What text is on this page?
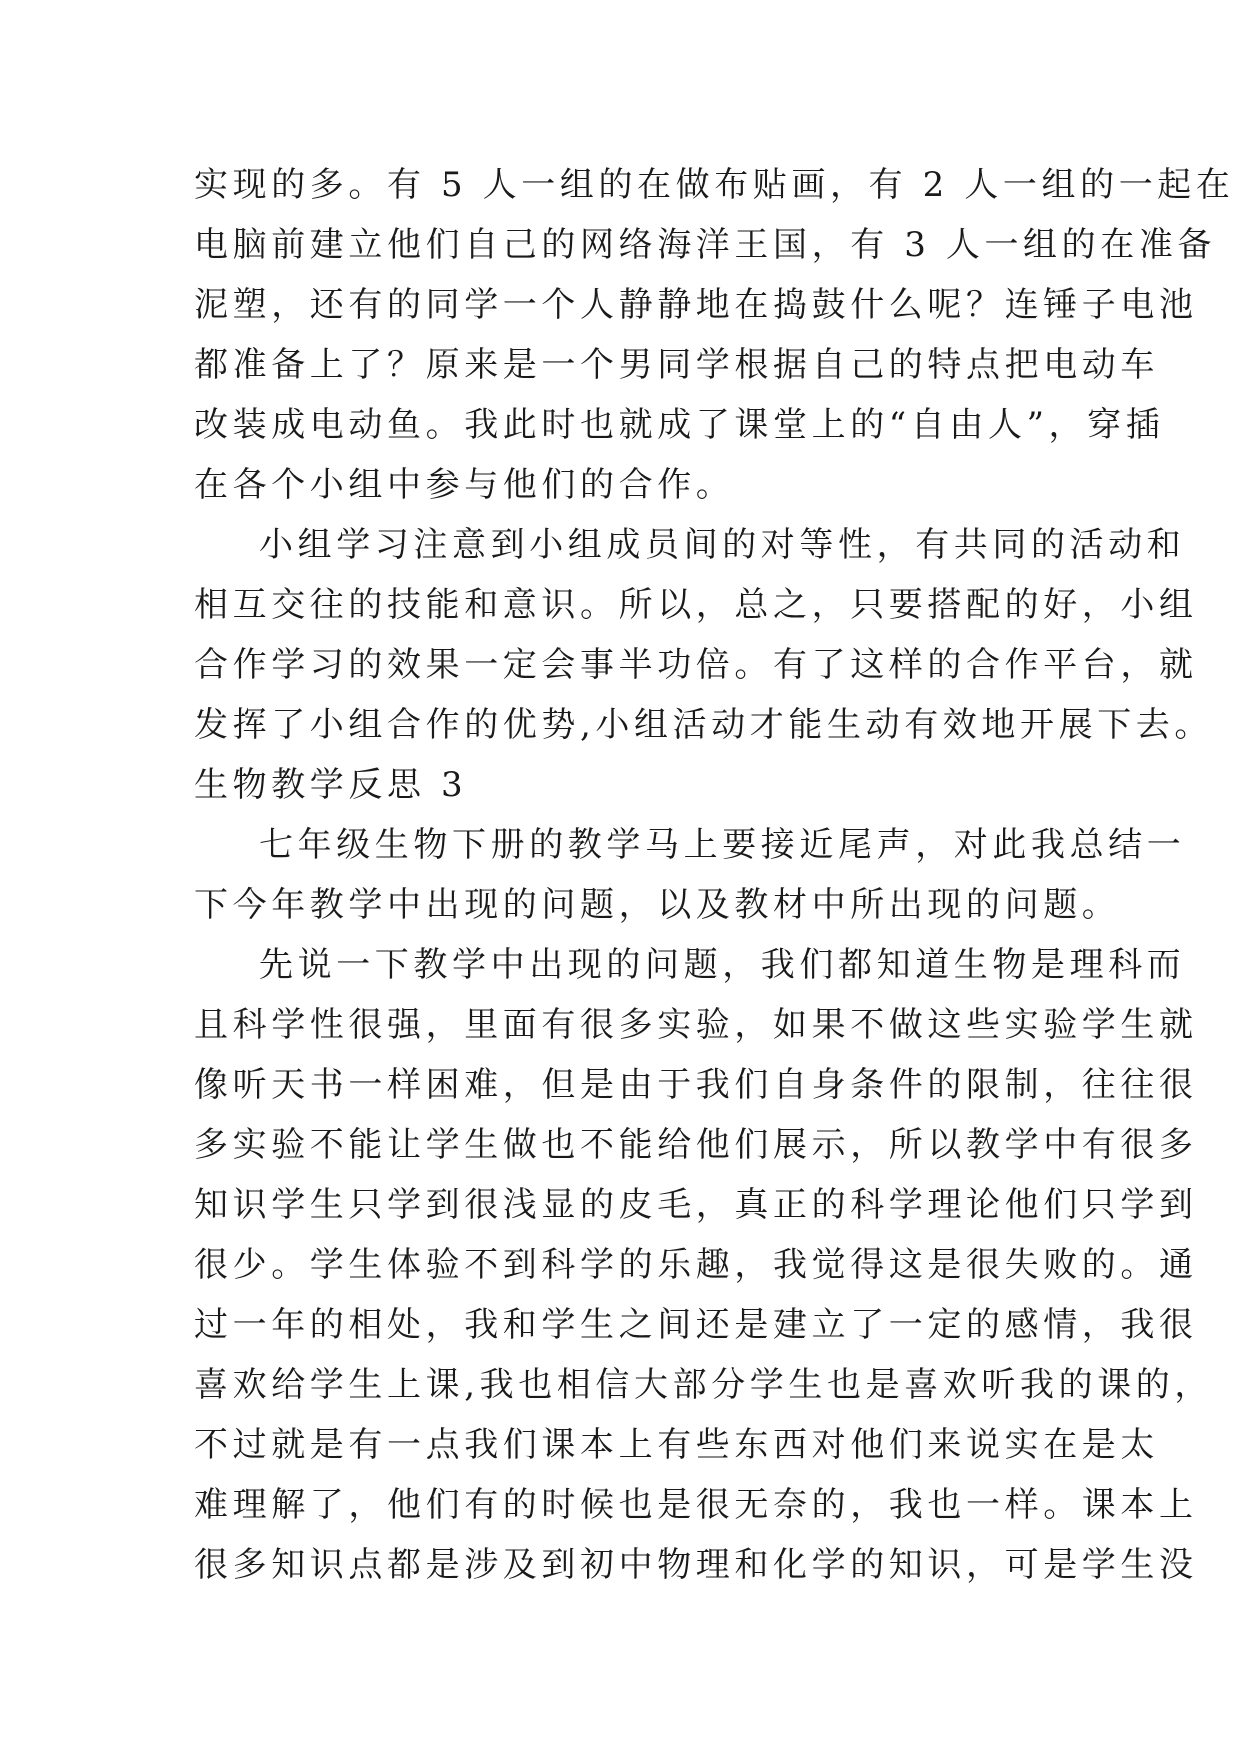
实现的多。有 5 人一组的在做布贴画，有 2 人一组的一起在
电脑前建立他们自己的网络海洋王国，有 3 人一组的在准备
泥塑，还有的同学一个人静静地在捣鼓什么呢？连锤子电池
都准备上了？原来是一个男同学根据自己的特点把电动车
改装成电动鱼。我此时也就成了课堂上的“自由人”，穿插
在各个小组中参与他们的合作。
小组学习注意到小组成员间的对等性，有共同的活动和
相互交往的技能和意识。所以，总之，只要搭配的好，小组
合作学习的效果一定会事半功倍。有了这样的合作平台，就
发挥了小组合作的优势,小组活动才能生动有效地开展下去。
生物教学反思 3
七年级生物下册的教学马上要接近尾声，对此我总结一
下今年教学中出现的问题，以及教材中所出现的问题。
先说一下教学中出现的问题，我们都知道生物是理科而
且科学性很强，里面有很多实验，如果不做这些实验学生就
像听天书一样困难，但是由于我们自身条件的限制，往往很
多实验不能让学生做也不能给他们展示，所以教学中有很多
知识学生只学到很浅显的皮毛，真正的科学理论他们只学到
很少。学生体验不到科学的乐趣，我觉得这是很失败的。通
过一年的相处，我和学生之间还是建立了一定的感情，我很
喜欢给学生上课,我也相信大部分学生也是喜欢听我的课的，
不过就是有一点我们课本上有些东西对他们来说实在是太
难理解了，他们有的时候也是很无奈的，我也一样。课本上
很多知识点都是涉及到初中物理和化学的知识，可是学生没
